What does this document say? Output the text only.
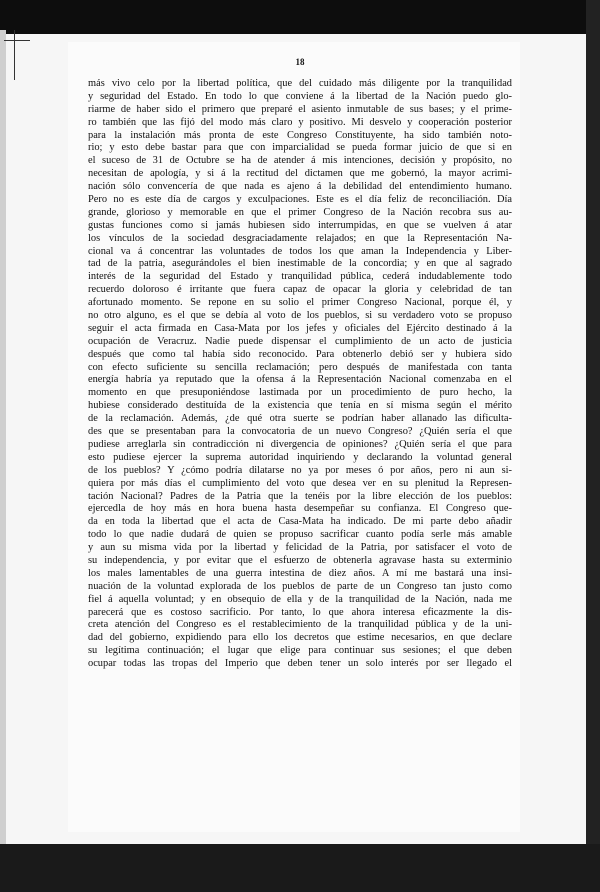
18
más vivo celo por la libertad política, que del cuidado más diligente por la tranquilidad
y seguridad del Estado. En todo lo que conviene á la libertad de la Nación puedo glo-
riarme de haber sido el primero que preparé el asiento inmutable de sus bases; y el prime-
ro también que las fijó del modo más claro y positivo. Mi desvelo y cooperación posterior
para la instalación más pronta de este Congreso Constituyente, ha sido también noto-
rio; y esto debe bastar para que con imparcialidad se pueda formar juicio de que si en
el suceso de 31 de Octubre se ha de atender á mis intenciones, decisión y propósito, no
necesitan de apología, y si á la rectitud del dictamen que me gobernó, la mayor acrimi-
nación sólo convencería de que nada es ajeno á la debilidad del entendimiento humano.
Pero no es este día de cargos y exculpaciones. Este es el día feliz de reconciliación. Día
grande, glorioso y memorable en que el primer Congreso de la Nación recobra sus au-
gustas funciones como si jamás hubiesen sido interrumpidas, en que se vuelven á atar
los vínculos de la sociedad desgraciadamente relajados; en que la Representación Na-
cional va á concentrar las voluntades de todos los que aman la Independencia y Liber-
tad de la patria, asegurándoles el bien inestimable de la concordia; y en que al sagrado
interés de la seguridad del Estado y tranquilidad pública, cederá indudablemente todo
recuerdo doloroso é irritante que fuera capaz de opacar la gloria y celebridad de tan
afortunado momento. Se repone en su solio el primer Congreso Nacional, porque él, y
no otro alguno, es el que se debía al voto de los pueblos, si su verdadero voto se propuso
seguir el acta firmada en Casa-Mata por los jefes y oficiales del Ejército destinado á la
ocupación de Veracruz. Nadie puede dispensar el cumplimiento de un acto de justicia
después que como tal había sido reconocido. Para obtenerlo debió ser y hubiera sido
con efecto suficiente su sencilla reclamación; pero después de manifestada con tanta
energía habría ya reputado que la ofensa á la Representación Nacional comenzaba en el
momento en que presuponiéndose lastimada por un procedimiento de puro hecho, la
hubiese considerado destituída de la existencia que tenía en sí misma según el mérito
de la reclamación. Además, ¿de qué otra suerte se podrían haber allanado las dificulta-
des que se presentaban para la convocatoria de un nuevo Congreso? ¿Quién sería el que
pudiese arreglarla sin contradicción ni divergencia de opiniones? ¿Quién sería el que para
esto pudiese ejercer la suprema autoridad inquiriendo y declarando la voluntad general
de los pueblos? Y ¿cómo podría dilatarse no ya por meses ó por años, pero ni aun si-
quiera por más días el cumplimiento del voto que desea ver en su plenitud la Represen-
tación Nacional? Padres de la Patria que la tenéis por la libre elección de los pueblos:
ejercedla de hoy más en hora buena hasta desempeñar su confianza. El Congreso que-
da en toda la libertad que el acta de Casa-Mata ha indicado. De mi parte debo añadir
todo lo que nadie dudará de quien se propuso sacrificar cuanto podía serle más amable
y aun su misma vida por la libertad y felicidad de la Patria, por satisfacer el voto de
su independencia, y por evitar que el esfuerzo de obtenerla agravase hasta su exterminio
los males lamentables de una guerra intestina de diez años. A mí me bastará una insi-
nuación de la voluntad explorada de los pueblos de parte de un Congreso tan justo como
fiel á aquella voluntad; y en obsequio de ella y de la tranquilidad de la Nación, nada me
parecerá que es costoso sacrificio. Por tanto, lo que ahora interesa eficazmente la dis-
creta atención del Congreso es el restablecimiento de la tranquilidad pública y de la uni-
dad del gobierno, expidiendo para ello los decretos que estime necesarios, en que declare
su legítima continuación; el lugar que elige para continuar sus sesiones; el que deben
ocupar todas las tropas del Imperio que deben tener un solo interés por ser llegado el
